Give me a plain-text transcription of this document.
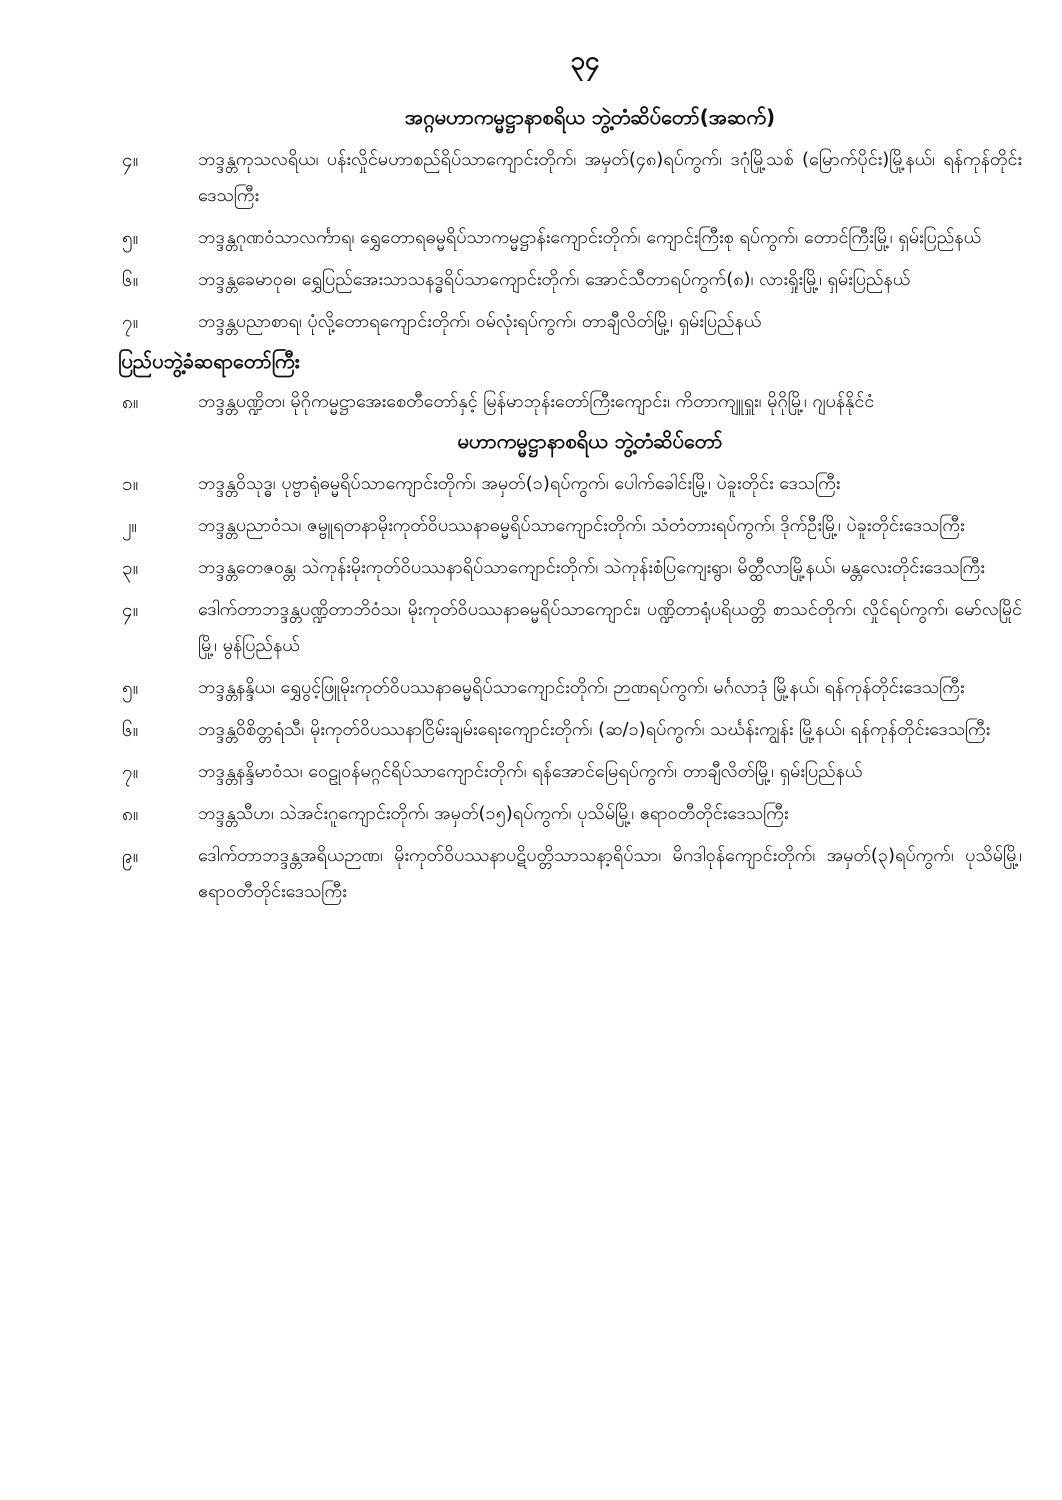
၃၄
အဂ္ဂမဟာကမ္မဋ္ဌာနာစရိယ ဘွဲ့တံဆိပ်တော်(အဆက်)
၄။	ဘဒ္ဒန္တကုသလရိယ၊ ပန်းလှိုင်မဟာစည်ရိပ်သာကျောင်းတိုက်၊ အမှတ်(၄၈)ရပ်ကွက်၊ ဒဂုံမြို့သစ် (မြောက်ပိုင်း)မြို့နယ်၊ ရန်ကုန်တိုင်းဒေသကြီး
၅။	ဘဒ္ဒန္တဂုဏဝံသာလင်္ကာရ၊ ရွှေတောရဓမ္မရိပ်သာကမ္မဋ္ဌာန်းကျောင်းတိုက်၊ ကျောင်းကြီးစု ရပ်ကွက်၊ တောင်ကြီးမြို့၊ ရှမ်းပြည်နယ်
၆။	ဘဒ္ဒန္တခေမာဝုဓ၊ ရွှေပြည်အေးသာသနဒ္ဓရိပ်သာကျောင်းတိုက်၊ အောင်သီတာရပ်ကွက်(၈)၊ လားရှိုးမြို့၊ ရှမ်းပြည်နယ်
၇။	ဘဒ္ဒန္တပညာစာရ၊ ပုံလို့တောရကျောင်းတိုက်၊ ဝမ်လုံးရပ်ကွက်၊ တာချီလိတ်မြို့၊ ရှမ်းပြည်နယ်
ပြည်ပဘွဲ့ခံဆရာတော်ကြီး
၈။	ဘဒ္ဒန္တပဏ္ဍိတ၊ မိုဂိုကမ္မဋ္ဌာအေးစေတီတော်နှင့် မြန်မာဘုန်းတော်ကြီးကျောင်း၊ ကိတာကျူရှူး၊ မိုဂိုမြို့၊ ဂျပန်နိုင်ငံ
မဟာကမ္မဋ္ဌာနာစရိယ ဘွဲ့တံဆိပ်တော်
၁။	ဘဒ္ဒန္တဝိသုဒ္ဓ၊ ပုဗ္ဗာရုံဓမ္မရိပ်သာကျောင်းတိုက်၊ အမှတ်(၁)ရပ်ကွက်၊ ပေါက်ခေါင်းမြို့၊ ပဲခူးတိုင်း ဒေသကြီး
၂။	ဘဒ္ဒန္တပညာဝံသ၊ ဇမ္ဗူရတနာမိုးကုတ်ဝိပဿနာဓမ္မရိပ်သာကျောင်းတိုက်၊ သံတံတားရပ်ကွက်၊ ဒိုက်ဦးမြို့၊ ပဲခူးတိုင်းဒေသကြီး
၃။	ဘဒ္ဒန္တတေဇဝန္တ၊ သဲကုန်းမိုးကုတ်ဝိပဿနာရိပ်သာကျောင်းတိုက်၊ သဲကုန်းစံပြကျေးရွာ၊ မိတ္ထီလာမြို့နယ်၊ မန္တလေးတိုင်းဒေသကြီး
၄။	ဒေါက်တာဘဒ္ဒန္တပဏ္ဍိတာဘိဝံသ၊ မိုးကုတ်ဝိပဿနာဓမ္မရိပ်သာကျောင်း၊ ပဏ္ဍိတာရုံပရိယတ္တိ စာသင်တိုက်၊ လှိုင်ရပ်ကွက်၊ မော်လမြိုင်မြို့၊ မွန်ပြည်နယ်
၅။	ဘဒ္ဒန္တနန္ဒိယ၊ ရွှေပွင့်ဖြူမိုးကုတ်ဝိပဿနာဓမ္မရိပ်သာကျောင်းတိုက်၊ ဉာဏရပ်ကွက်၊ မင်္ဂလာဒုံ မြို့နယ်၊ ရန်ကုန်တိုင်းဒေသကြီး
၆။	ဘဒ္ဒန္တဝိစိတ္တရံသီ၊ မိုးကုတ်ဝိပဿနာငြိမ်းချမ်းရေးကျောင်းတိုက်၊ (ဆ/၁)ရပ်ကွက်၊ သင်္ဃန်းကျွန်း မြို့နယ်၊ ရန်ကုန်တိုင်းဒေသကြီး
၇။	ဘဒ္ဒန္တနန္ဒိမာဝံသ၊ ဝေဠုဝန်မဂ္ဂင်ရိပ်သာကျောင်းတိုက်၊ ရန်အောင်မြေရပ်ကွက်၊ တာချီလိတ်မြို့၊ ရှမ်းပြည်နယ်
၈။	ဘဒ္ဒန္တသီဟ၊ သဲအင်းဂူကျောင်းတိုက်၊ အမှတ်(၁၅)ရပ်ကွက်၊ ပုသိမ်မြို့၊ ဧရာဝတီတိုင်းဒေသကြီး
၉။	ဒေါက်တာဘဒ္ဒန္တအရိယဉာဏ၊ မိုးကုတ်ဝိပဿနာပဋိပတ္တိသာသနာ့ရိပ်သာ၊ မိဂဒါဝုန်ကျောင်းတိုက်၊ အမှတ်(၃)ရပ်ကွက်၊ ပုသိမ်မြို့၊ ဧရာဝတီတိုင်းဒေသကြီး
